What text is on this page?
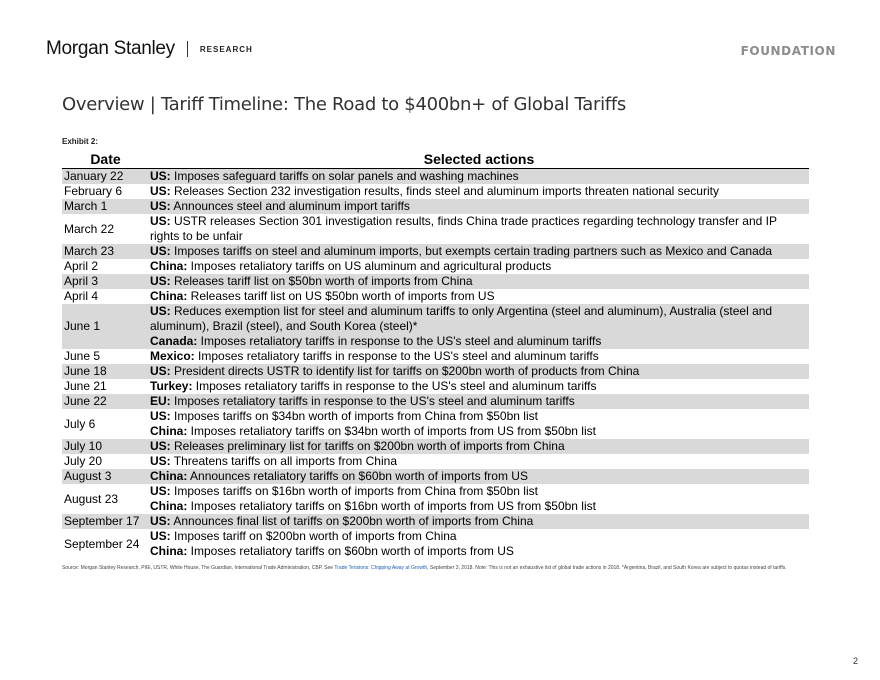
Morgan Stanley	RESEARCH	FOUNDATION
Overview | Tariff Timeline: The Road to $400bn+ of Global Tariffs
Exhibit 2:
Date	Selected actions
January 22	US: Imposes safeguard tariffs on solar panels and washing machines

February 6	US: Releases Section 232 investigation results, finds steel and aluminum imports threaten national security

March 1	US: Announces steel and aluminum import tariffs

March 22	US: USTR releases Section 301 investigation results, finds China trade practices regarding technology transfer and IP rights to be unfair

March 23	US: Imposes tariffs on steel and aluminum imports, but exempts certain trading partners such as Mexico and Canada

April 2	China: Imposes retaliatory tariffs on US aluminum and agricultural products

April 3	US: Releases tariff list on $50bn worth of imports from China

April 4	China: Releases tariff list on US $50bn worth of imports from US

June 1	US: Reduces exemption list for steel and aluminum tariffs to only Argentina (steel and aluminum), Australia (steel and aluminum), Brazil (steel), and South Korea (steel)*
Canada: Imposes retaliatory tariffs in response to the US's steel and aluminum tariffs

June 5	Mexico: Imposes retaliatory tariffs in response to the US's steel and aluminum tariffs

June 18	US: President directs USTR to identify list for tariffs on $200bn worth of products from China

June 21	Turkey: Imposes retaliatory tariffs in response to the US's steel and aluminum tariffs

June 22	EU: Imposes retaliatory tariffs in response to the US's steel and aluminum tariffs

July 6	US: Imposes tariffs on $34bn worth of imports from China from $50bn list
China: Imposes retaliatory tariffs on $34bn worth of imports from US from $50bn list

July 10	US: Releases preliminary list for tariffs on $200bn worth of imports from China

July 20	US: Threatens tariffs on all imports from China

August 3	China: Announces retaliatory tariffs on $60bn worth of imports from US

August 23	US: Imposes tariffs on $16bn worth of imports from China from $50bn list
China: Imposes retaliatory tariffs on $16bn worth of imports from US from $50bn list

September 17	US: Announces final list of tariffs on $200bn worth of imports from China

September 24	US: Imposes tariff on $200bn worth of imports from China
China: Imposes retaliatory tariffs on $60bn worth of imports from US
Source: Morgan Stanley Research, PIIE, USTR, White House, The Guardian, International Trade Administration, CBP. See Trade Tensions: Chipping Away at Growth, September 3, 2018. Note: This is not an exhaustive list of global trade actions in 2018. *Argentina, Brazil, and South Korea are subject to quotas instead of tariffs.
2
